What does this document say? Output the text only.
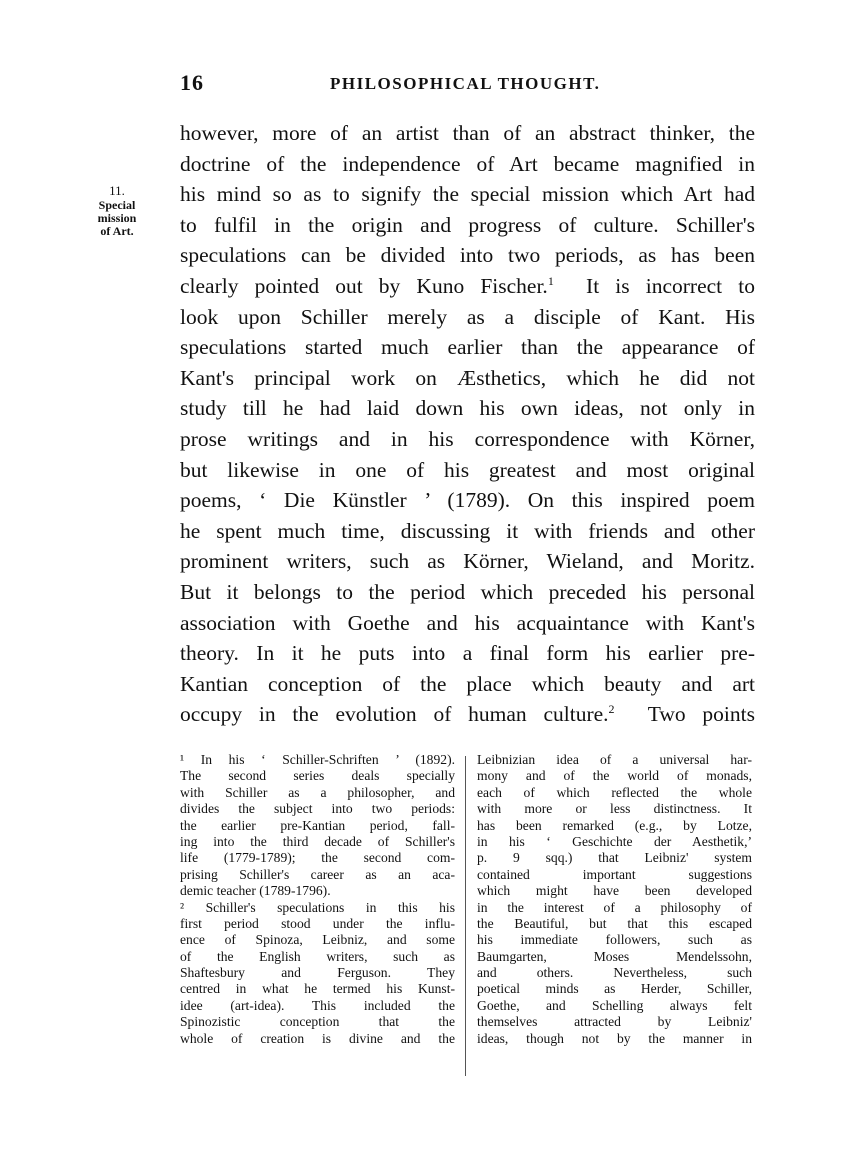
16	PHILOSOPHICAL THOUGHT.
11.
Special
mission
of Art.
however, more of an artist than of an abstract thinker, the
doctrine of the independence of Art became magnified in
his mind so as to signify the special mission which Art had
to fulfil in the origin and progress of culture. Schiller's
speculations can be divided into two periods, as has been
clearly pointed out by Kuno Fischer.$^1$  It is incorrect to
look upon Schiller merely as a disciple of Kant. His
speculations started much earlier than the appearance of
Kant's principal work on Æsthetics, which he did not
study till he had laid down his own ideas, not only in
prose writings and in his correspondence with Körner,
but likewise in one of his greatest and most original
poems, ‘ Die Künstler ’ (1789). On this inspired poem
he spent much time, discussing it with friends and other
prominent writers, such as Körner, Wieland, and Moritz.
But it belongs to the period which preceded his personal
association with Goethe and his acquaintance with Kant's
theory. In it he puts into a final form his earlier pre-
Kantian conception of the place which beauty and art
occupy in the evolution of human culture.$^2$  Two points
¹ In his ‘ Schiller-Schriften ’ (1892).
The second series deals specially
with Schiller as a philosopher, and
divides the subject into two periods:
the earlier pre-Kantian period, fall-
ing into the third decade of Schiller's
life (1779-1789); the second com-
prising Schiller's career as an aca-
demic teacher (1789-1796).
² Schiller's speculations in this his
first period stood under the influ-
ence of Spinoza, Leibniz, and some
of the English writers, such as
Shaftesbury and Ferguson. They
centred in what he termed his Kunst-
idee (art-idea). This included the
Spinozistic conception that the
whole of creation is divine and the
Leibnizian idea of a universal har-
mony and of the world of monads,
each of which reflected the whole
with more or less distinctness. It
has been remarked (e.g., by Lotze,
in his ‘ Geschichte der Aesthetik,’
p. 9 sqq.) that Leibniz' system
contained important suggestions
which might have been developed
in the interest of a philosophy of
the Beautiful, but that this escaped
his immediate followers, such as
Baumgarten, Moses Mendelssohn,
and others. Nevertheless, such
poetical minds as Herder, Schiller,
Goethe, and Schelling always felt
themselves attracted by Leibniz'
ideas, though not by the manner in
